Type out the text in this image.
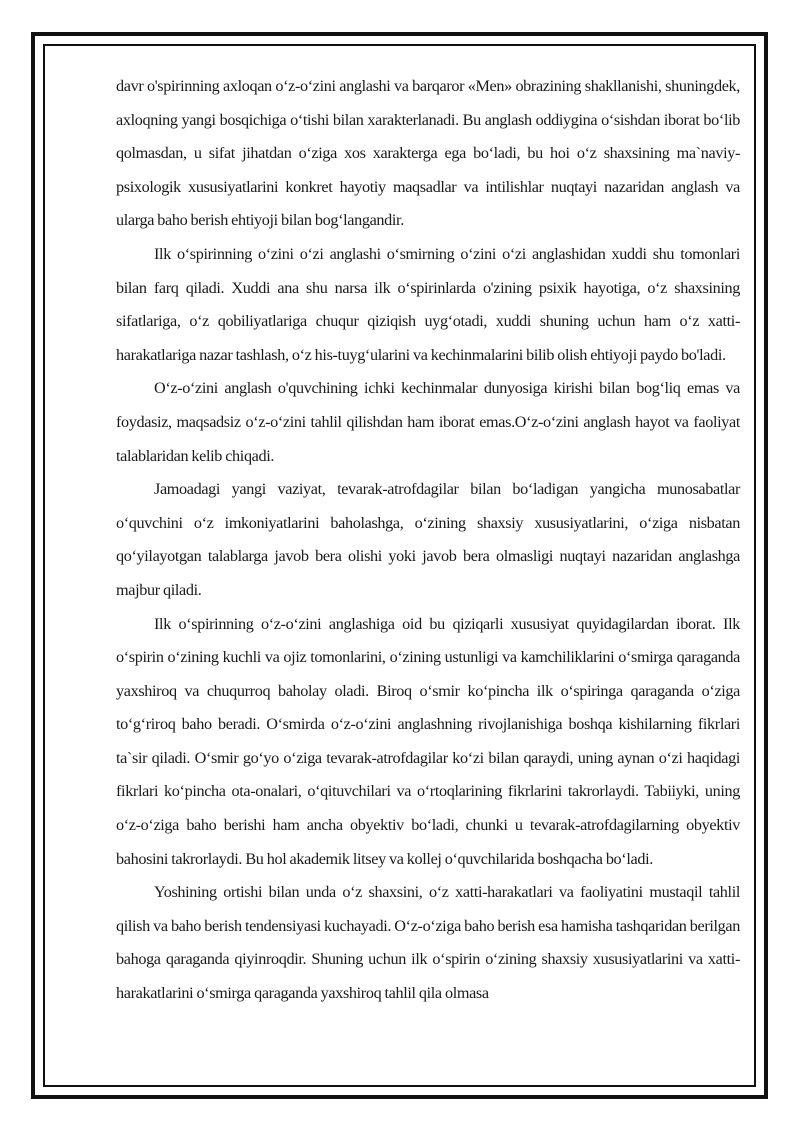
davr o'spirinning axloqan oʻz-oʻzini anglashi va barqaror «Men» obrazining shakllanishi, shuningdek, axloqning yangi bosqichiga oʻtishi bilan xarakterlanadi. Bu anglash oddiygina oʻsishdan iborat boʻlib qolmasdan, u sifat jihatdan oʻziga xos xarakterga ega boʻladi, bu hoi oʻz shaxsining ma`naviy-psixologik xususiyatlarini konkret hayotiy maqsadlar va intilishlar nuqtayi nazaridan anglash va ularga baho berish ehtiyoji bilan bogʻlangandir.

Ilk oʻspirinning oʻzini oʻzi anglashi oʻsmirning oʻzini oʻzi anglashidan xuddi shu tomonlari bilan farq qiladi. Xuddi ana shu narsa ilk oʻspirinlarda o'zining psixik hayotiga, oʻz shaxsining sifatlariga, oʻz qobiliyatlariga chuqur qiziqish uygʻotadi, xuddi shuning uchun ham oʻz xatti-harakatlariga nazar tashlash, oʻz his-tuygʻularini va kechinmalarini bilib olish ehtiyoji paydo bo'ladi.

Oʻz-oʻzini anglash o'quvchining ichki kechinmalar dunyosiga kirishi bilan bogʻliq emas va foydasiz, maqsadsiz oʻz-oʻzini tahlil qilishdan ham iborat emas.Oʻz-oʻzini anglash hayot va faoliyat talablaridan kelib chiqadi.

Jamoadagi yangi vaziyat, tevarak-atrofdagilar bilan boʻladigan yangicha munosabatlar oʻquvchini oʻz imkoniyatlarini baholashga, oʻzining shaxsiy xususiyatlarini, oʻziga nisbatan qoʻyilayotgan talablarga javob bera olishi yoki javob bera olmasligi nuqtayi nazaridan anglashga majbur qiladi.

Ilk oʻspirinning oʻz-oʻzini anglashiga oid bu qiziqarli xususiyat quyidagilardan iborat. Ilk oʻspirin oʻzining kuchli va ojiz tomonlarini, oʻzining ustunligi va kamchiliklarini oʻsmirga qaraganda yaxshiroq va chuqurroq baholay oladi. Biroq oʻsmir koʻpincha ilk oʻspiringa qaraganda oʻziga toʻgʻriroq baho beradi. Oʻsmirda oʻz-oʻzini anglashning rivojlanishiga boshqa kishilarning fikrlari ta`sir qiladi. Oʻsmir goʻyo oʻziga tevarak-atrofdagilar koʻzi bilan qaraydi, uning aynan oʻzi haqidagi fikrlari koʻpincha ota-onalari, oʻqituvchilari va oʻrtoqlarining fikrlarini takrorlaydi. Tabiiyki, uning oʻz-oʻziga baho berishi ham ancha obyektiv boʻladi, chunki u tevarak-atrofdagilarning obyektiv bahosini takrorlaydi. Bu hol akademik litsey va kollej oʻquvchilarida boshqacha boʻladi.

Yoshining ortishi bilan unda oʻz shaxsini, oʻz xatti-harakatlari va faoliyatini mustaqil tahlil qilish va baho berish tendensiyasi kuchayadi. Oʻz-oʻziga baho berish esa hamisha tashqaridan berilgan bahoga qaraganda qiyinroqdir. Shuning uchun ilk oʻspirin oʻzining shaxsiy xususiyatlarini va xatti-harakatlarini oʻsmirga qaraganda yaxshiroq tahlil qila olmasa
